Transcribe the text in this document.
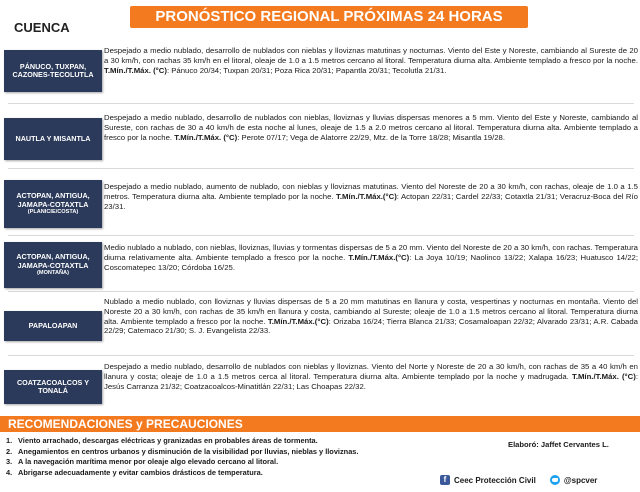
PRONÓSTICO REGIONAL PRÓXIMAS 24 HORAS
CUENCA
PÁNUCO, TUXPAN, CAZONES-TECOLUTLA
Despejado a medio nublado, desarrollo de nublados con nieblas y lloviznas matutinas y nocturnas. Viento del Este y Noreste, cambiando al Sureste de 20 a 30 km/h, con rachas 35 km/h en el litoral, oleaje de 1.0 a 1.5 metros cercano al litoral. Temperatura diurna alta. Ambiente templado a fresco por la noche. T.Mín./T.Máx. (°C): Pánuco 20/34; Tuxpan 20/31; Poza Rica 20/31; Papantla 20/31; Tecolutla 21/31.
NAUTLA Y MISANTLA
Despejado a medio nublado, desarrollo de nublados con nieblas, lloviznas y lluvias dispersas menores a 5 mm. Viento del Este y Noreste, cambiando al Sureste, con rachas de 30 a 40 km/h de esta noche al lunes, oleaje de 1.5 a 2.0 metros cercano al litoral. Temperatura diurna alta. Ambiente templado a fresco por la noche. T.Mín./T.Máx. (°C): Perote 07/17; Vega de Alatorre 22/29, Mtz. de la Torre 18/28; Misantla 19/28.
ACTOPAN, ANTIGUA, JAMAPA-COTAXTLA
(PLANICIE/COSTA)
Despejado a medio nublado, aumento de nublado, con nieblas y lloviznas matutinas. Viento del Noreste de 20 a 30 km/h, con rachas, oleaje de 1.0 a 1.5 metros. Temperatura diurna alta. Ambiente templado por la noche. T.Mín./T.Máx.(°C): Actopan 22/31; Cardel 22/33; Cotaxtla 21/31; Veracruz-Boca del Río 23/31.
ACTOPAN, ANTIGUA, JAMAPA-COTAXTLA
(MONTAÑA)
Medio nublado a nublado, con nieblas, lloviznas, lluvias y tormentas dispersas de 5 a 20 mm. Viento del Noreste de 20 a 30 km/h, con rachas. Temperatura diurna relativamente alta. Ambiente templado a fresco por la noche. T.Mín./T.Máx.(°C): La Joya 10/19; Naolinco 13/22; Xalapa 16/23; Huatusco 14/22; Coscomatepec 13/20; Córdoba 16/25.
PAPALOAPAN
Nublado a medio nublado, con lloviznas y lluvias dispersas de 5 a 20 mm matutinas en llanura y costa, vespertinas y nocturnas en montaña. Viento del Noreste 20 a 30 km/h, con rachas de 35 km/h en llanura y costa, cambiando al Sureste; oleaje de 1.0 a 1.5 metros cercano al litoral. Temperatura diurna alta. Ambiente templado a fresco por la noche. T.Mín./T.Máx.(°C): Orizaba 16/24; Tierra Blanca 21/33; Cosamaloapan 22/32; Alvarado 23/31; A.R. Cabada 22/29; Catemaco 21/30; S. J. Evangelista 22/33.
COATZACOALCOS Y TONALÁ
Despejado a medio nublado, desarrollo de nublados con nieblas y lloviznas. Viento del Norte y Noreste de 20 a 30 km/h, con rachas de 35 a 40 km/h en llanura y costa; oleaje de 1.0 a 1.5 metros cerca al litoral. Temperatura diurna alta. Ambiente templado por la noche y madrugada. T.Mín./T.Máx. (°C): Jesús Carranza 21/32; Coatzacoalcos-Minatitlán 22/31; Las Choapas 22/32.
RECOMENDACIONES y PRECAUCIONES
1. Viento arrachado, descargas eléctricas y granizadas en probables áreas de tormenta.
2. Anegamientos en centros urbanos y disminución de la visibilidad por lluvias, nieblas y lloviznas.
3. A la navegación marítima menor por oleaje algo elevado cercano al litoral.
4. Abrigarse adecuadamente y evitar cambios drásticos de temperatura.
Elaboró: Jaffet Cervantes L.
f Ceec Protección Civil	@spcver
